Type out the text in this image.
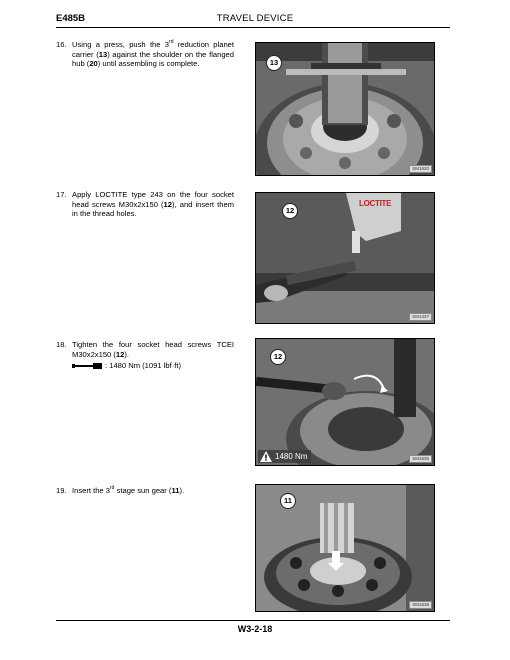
E485B	TRAVEL DEVICE
16. Using a press, push the 3rd reduction planet carrier (13) against the shoulder on the flanged hub (20) until assembling is complete.	13
SM1620
17. Apply LOCTITE type 243 on the four socket head screws M30x2x150 (12), and insert them in the thread holes.
LOCTITE
12
SM1337
18. Tighten the four socket head screws TCEI M30x2x150 (12).
: 1480 Nm (1091 lbf·ft)
12
1480 Nm	SM1636
19. Insert the 3rd stage sun gear (11).
11
SM1638
W3-2-18
